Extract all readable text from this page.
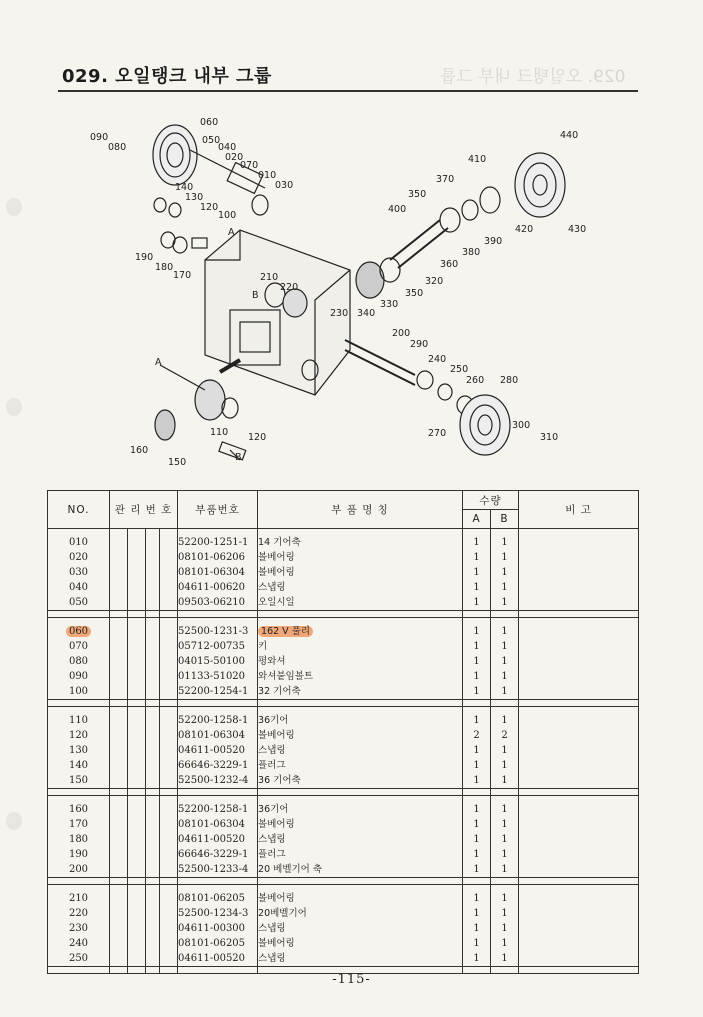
029. 오일탱크 내부 그룹	029. 오일탱크 내부 그룹
060
090
080
050
040
020
070
010
030
140
130
120
100
190
180
170
A
210
220
B
230
A
110 120
160
150	B
200
290
240
250
260 280
270
300
310
320
350
330
340
350
400
370
410
440
420	430
390
380
360
NO.	관 리 번 호				부품번호	부 품 명 칭	수량		비 고
							A	B	

010					52200-1251-1	14 기어축	1	1	
020					08101-06206	볼베어링	1	1	
030					08101-06304	볼베어링	1	1	
040					04611-00620	스냅링	1	1	
050					09503-06210	오일시일	1	1	

060					52500-1231-3	162 V 풀리	1	1	
070					05712-00735	키	1	1	
080					04015-50100	평와셔	1	1	
090					01133-51020	와셔붙임볼트	1	1	
100					52200-1254-1	32 기어축	1	1	

110					52200-1258-1	36기어	1	1	
120					08101-06304	볼베어링	2	2	
130					04611-00520	스냅링	1	1	
140					66646-3229-1	플러그	1	1	
150					52500-1232-4	36 기어축	1	1	

160					52200-1258-1	36기어	1	1	
170					08101-06304	볼베어링	1	1	
180					04611-00520	스냅링	1	1	
190					66646-3229-1	플러그	1	1	
200					52500-1233-4	20 베벨기어 축	1	1	

210					08101-06205	볼베어링	1	1	
220					52500-1234-3	20베벨기어	1	1	
230					04611-00300	스냅링	1	1	
240					08101-06205	볼베어링	1	1	
250					04611-00520	스냅링	1	1	

-115-
